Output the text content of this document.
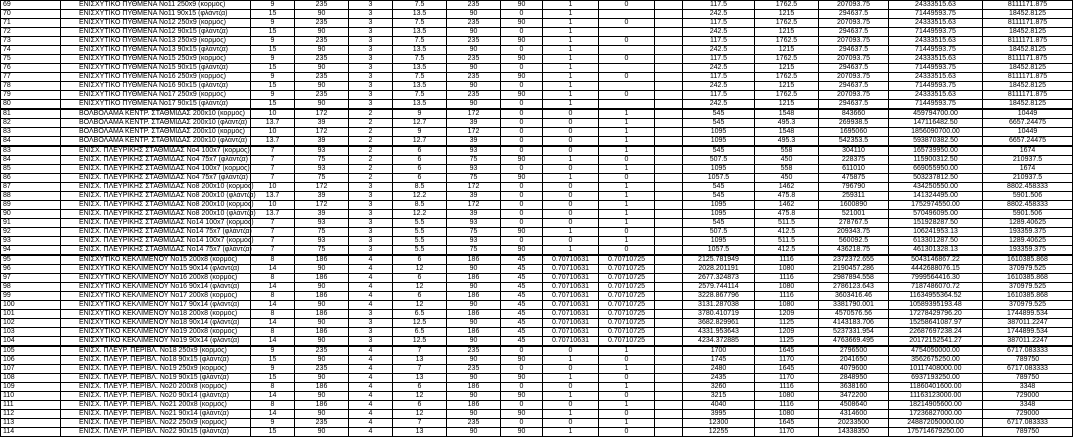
69	ΕΝΙΣΧΥΤΙΚΟ ΠΥΘΜΕΝΑ No11 250x9 (κορμός)	9	235	3	7.5	235	90	1	0		117.5	1762.5	207093.75	24333515.63	8111171.875
70	ΕΝΙΣΧΥΤΙΚΟ ΠΥΘΜΕΝΑ No11 90x15 (φλάντζα)	15	90	3	13.5	90	0	1			242.5	1215	294637.5	71449593.75	18452.8125
71	ΕΝΙΣΧΥΤΙΚΟ ΠΥΘΜΕΝΑ No12 250x9 (κορμός)	9	235	3	7.5	235	90	1	0		117.5	1762.5	207093.75	24333515.63	8111171.875
72	ΕΝΙΣΧΥΤΙΚΟ ΠΥΘΜΕΝΑ No12 90x15 (φλάντζα)	15	90	3	13.5	90	0	1			242.5	1215	294637.5	71449593.75	18452.8125
73	ΕΝΙΣΧΥΤΙΚΟ ΠΥΘΜΕΝΑ No13 250x9 (κορμός)	9	235	3	7.5	235	90	1	0		117.5	1762.5	207093.75	24333515.63	8111171.875
74	ΕΝΙΣΧΥΤΙΚΟ ΠΥΘΜΕΝΑ No13 90x15 (φλάντζα)	15	90	3	13.5	90	0	1			242.5	1215	294637.5	71449593.75	18452.8125
75	ΕΝΙΣΧΥΤΙΚΟ ΠΥΘΜΕΝΑ No15 250x9 (κορμός)	9	235	3	7.5	235	90	1	0		117.5	1762.5	207093.75	24333515.63	8111171.875
76	ΕΝΙΣΧΥΤΙΚΟ ΠΥΘΜΕΝΑ No15 90x15 (φλάντζα)	15	90	3	13.5	90	0	1			242.5	1215	294637.5	71449593.75	18452.8125
77	ΕΝΙΣΧΥΤΙΚΟ ΠΥΘΜΕΝΑ No16 250x9 (κορμός)	9	235	3	7.5	235	90	1	0		117.5	1762.5	207093.75	24333515.63	8111171.875
78	ΕΝΙΣΧΥΤΙΚΟ ΠΥΘΜΕΝΑ No16 90x15 (φλάντζα)	15	90	3	13.5	90	0	1			242.5	1215	294637.5	71449593.75	18452.8125
79	ΕΝΙΣΧΥΤΙΚΟ ΠΥΘΜΕΝΑ No17 250x9 (κορμός)	9	235	3	7.5	235	90	1	0		117.5	1762.5	207093.75	24333515.63	8111171.875
80	ΕΝΙΣΧΥΤΙΚΟ ΠΥΘΜΕΝΑ No17 90x15 (φλάντζα)	15	90	3	13.5	90	0	1			242.5	1215	294637.5	71449593.75	18452.8125
81	ΒΟΛΒΟΛΑΜΑ ΚΕΝΤΡ. ΣΤΑΘΜΙΔΑΣ 200x10 (κορμός)	10	172	2	9	172	0	0	1		545	1548	843660	459794700.00	10449
82	ΒΟΛΒΟΛΑΜΑ ΚΕΝΤΡ. ΣΤΑΘΜΙΔΑΣ 200x10 (φλάντζα)	13.7	39	2	12.7	39	0	0	1		545	495.3	269938.5	147116482.50	6657.24475
83	ΒΟΛΒΟΛΑΜΑ ΚΕΝΤΡ. ΣΤΑΘΜΙΔΑΣ 200x10 (κορμός)	10	172	2	9	172	0	0	1		1095	1548	1695060	1856090700.00	10449
84	ΒΟΛΒΟΛΑΜΑ ΚΕΝΤΡ. ΣΤΑΘΜΙΔΑΣ 200x10 (φλάντζα)	13.7	39	2	12.7	39	0	0	1		1095	495.3	542353.5	593870382.50	6657.24475
83	ΕΝΙΣΧ. ΠΛΕΥΡΙΚΗΣ ΣΤΑΘΜΙΔΑΣ No4 100x7 (κορμός)	7	93	2	6	93	0	0	1		545	558	304110	165739950.00	1674
84	ΕΝΙΣΧ. ΠΛΕΥΡΙΚΗΣ ΣΤΑΘΜΙΔΑΣ No4 75x7 (φλάντζα)	7	75	2	6	75	90	1	0		507.5	450	228375	115900312.50	210937.5
85	ΕΝΙΣΧ. ΠΛΕΥΡΙΚΗΣ ΣΤΑΘΜΙΔΑΣ No4 100x7 (κορμός)	7	93	2	6	93	0	0	1		1095	558	611010	669055950.00	1674
86	ΕΝΙΣΧ. ΠΛΕΥΡΙΚΗΣ ΣΤΑΘΜΙΔΑΣ No4 75x7 (φλάντζα)	7	75	2	6	75	90	1	0		1057.5	450	475875	503237812.50	210937.5
87	ΕΝΙΣΧ. ΠΛΕΥΡΙΚΗΣ ΣΤΑΘΜΙΔΑΣ No8 200x10 (κορμός)	10	172	3	8.5	172	0	0	1		545	1462	796790	434250550.00	8802.458333
88	ΕΝΙΣΧ. ΠΛΕΥΡΙΚΗΣ ΣΤΑΘΜΙΔΑΣ No8 200x10 (φλάντζα)	13.7	39	3	12.2	39	0	0	1		545	475.8	259311	141324495.00	5901.506
89	ΕΝΙΣΧ. ΠΛΕΥΡΙΚΗΣ ΣΤΑΘΜΙΔΑΣ No8 200x10 (κορμός)	10	172	3	8.5	172	0	0	1		1095	1462	1600890	1752974550.00	8802.458333
90	ΕΝΙΣΧ. ΠΛΕΥΡΙΚΗΣ ΣΤΑΘΜΙΔΑΣ No8 200x10 (φλάντζα)	13.7	39	3	12.2	39	0	0	1		1095	475.8	521001	570496095.00	5901.506
91	ΕΝΙΣΧ. ΠΛΕΥΡΙΚΗΣ ΣΤΑΘΜΙΔΑΣ No14 100x7 (κορμός)	7	93	3	5.5	93	0	0	1		545	511.5	278767.5	151928287.50	1289.40625
92	ΕΝΙΣΧ. ΠΛΕΥΡΙΚΗΣ ΣΤΑΘΜΙΔΑΣ No14 75x7 (φλάντζα)	7	75	3	5.5	75	90	1	0		507.5	412.5	209343.75	106241953.13	193359.375
93	ΕΝΙΣΧ. ΠΛΕΥΡΙΚΗΣ ΣΤΑΘΜΙΔΑΣ No14 100x7 (κορμός)	7	93	3	5.5	93	0	0	1		1095	511.5	560092.5	613301287.50	1289.40625
94	ΕΝΙΣΧ. ΠΛΕΥΡΙΚΗΣ ΣΤΑΘΜΙΔΑΣ No14 75x7 (φλάντζα)	7	75	3	5.5	75	90	1	0		1057.5	412.5	436218.75	461301328.13	193359.375
95	ΕΝΙΣΧΥΤΙΚΟ ΚΕΚΛΙΜΕΝΟΥ No15 200x8 (κορμός)	8	186	4	6	186	45	0.70710631	0.70710725		2125.781949	1116	2372372.655	5043146867.22	1610385.868
96	ΕΝΙΣΧΥΤΙΚΟ ΚΕΚΛΙΜΕΝΟΥ No15 90x14 (φλάντζα)	14	90	4	12	90	45	0.70710631	0.70710725		2028.201191	1080	2190457.286	4442688076.15	370979.525
97	ΕΝΙΣΧΥΤΙΚΟ ΚΕΚΛΙΜΕΝΟΥ No16 200x8 (κορμός)	8	186	4	6	186	45	0.70710631	0.70710725		2677.324873	1116	2987894.558	7999564416.30	1610385.868
98	ΕΝΙΣΧΥΤΙΚΟ ΚΕΚΛΙΜΕΝΟΥ No16 90x14 (φλάντζα)	14	90	4	12	90	45	0.70710631	0.70710725		2579.744114	1080	2786123.643	7187486070.72	370979.525
99	ΕΝΙΣΧΥΤΙΚΟ ΚΕΚΛΙΜΕΝΟΥ No17 200x8 (κορμός)	8	186	4	6	186	45	0.70710631	0.70710725		3228.867796	1116	3603416.46	11634955364.52	1610385.868
100	ΕΝΙΣΧΥΤΙΚΟ ΚΕΚΛΙΜΕΝΟΥ No17 90x14 (φλάντζα)	14	90	4	12	90	45	0.70710631	0.70710725		3131.287038	1080	3381790.001	10589395193.48	370979.525
101	ΕΝΙΣΧΥΤΙΚΟ ΚΕΚΛΙΜΕΝΟΥ No18 200x8 (κορμός)	8	186	3	6.5	186	45	0.70710631	0.70710725		3780.410719	1209	4570576.56	17278429796.20	1744899.534
102	ΕΝΙΣΧΥΤΙΚΟ ΚΕΚΛΙΜΕΝΟΥ No18 90x14 (φλάντζα)	14	90	3	12.5	90	45	0.70710631	0.70710725		3682.829961	1125	4143183.706	15258641087.97	387011.2247
103	ΕΝΙΣΧΥΤΙΚΟ ΚΕΚΛΙΜΕΝΟΥ No19 200x8 (κορμός)	8	186	3	6.5	186	45	0.70710631	0.70710725		4331.953643	1209	5237331.954	22687697238.24	1744899.534
104	ΕΝΙΣΧΥΤΙΚΟ ΚΕΚΛΙΜΕΝΟΥ No19 90x14 (φλάντζα)	14	90	3	12.5	90	45	0.70710631	0.70710725		4234.372885	1125	4763669.495	20172152541.27	387011.2247
105	ΕΝΙΣΧ. ΠΛΕΥΡ. ΠΕΡΙΒΛ. No18 250x9 (κορμός)	9	235	4	7	235	0	0	1		1700	1645	2796500	4754050000.00	6717.083333
106	ΕΝΙΣΧ. ΠΛΕΥΡ. ΠΕΡΙΒΛ. No18 90x15 (φλάντζα)	15	90	4	13	90	90	1	0		1745	1170	2041650	3562675250.00	789750
107	ΕΝΙΣΧ. ΠΛΕΥΡ. ΠΕΡΙΒΛ. No19 250x9 (κορμός)	9	235	4	7	235	0	0	1		2480	1645	4079600	10117408000.00	6717.083333
108	ΕΝΙΣΧ. ΠΛΕΥΡ. ΠΕΡΙΒΛ. No19 90x15 (φλάντζα)	15	90	4	13	90	90	1	0		2435	1170	2848950	6937193250.00	789750
109	ΕΝΙΣΧ. ΠΛΕΥΡ. ΠΕΡΙΒΛ. No20 200x8 (κορμός)	8	186	4	6	186	0	0	1		3260	1116	3638160	11860401600.00	3348
110	ΕΝΙΣΧ. ΠΛΕΥΡ. ΠΕΡΙΒΛ. No20 90x14 (φλάντζα)	14	90	4	12	90	90	1	0		3215	1080	3472200	11163123000.00	729000
111	ΕΝΙΣΧ. ΠΛΕΥΡ. ΠΕΡΙΒΛ. No21 200x8 (κορμός)	8	186	4	6	186	0	0	1		4040	1116	4508640	18214905600.00	3348
112	ΕΝΙΣΧ. ΠΛΕΥΡ. ΠΕΡΙΒΛ. No21 90x14 (φλάντζα)	14	90	4	12	90	90	1	0		3995	1080	4314600	17236827000.00	729000
113	ΕΝΙΣΧ. ΠΛΕΥΡ. ΠΕΡΙΒΛ. No22 250x9 (κορμός)	9	235	4	7	235	0	0	1		12300	1645	20233500	248872050000.00	6717.083333
114	ΕΝΙΣΧ. ΠΛΕΥΡ. ΠΕΡΙΒΛ. No22 90x15 (φλάντζα)	15	90	4	13	90	90	1	0		12255	1170	14338350	175714679250.00	789750
